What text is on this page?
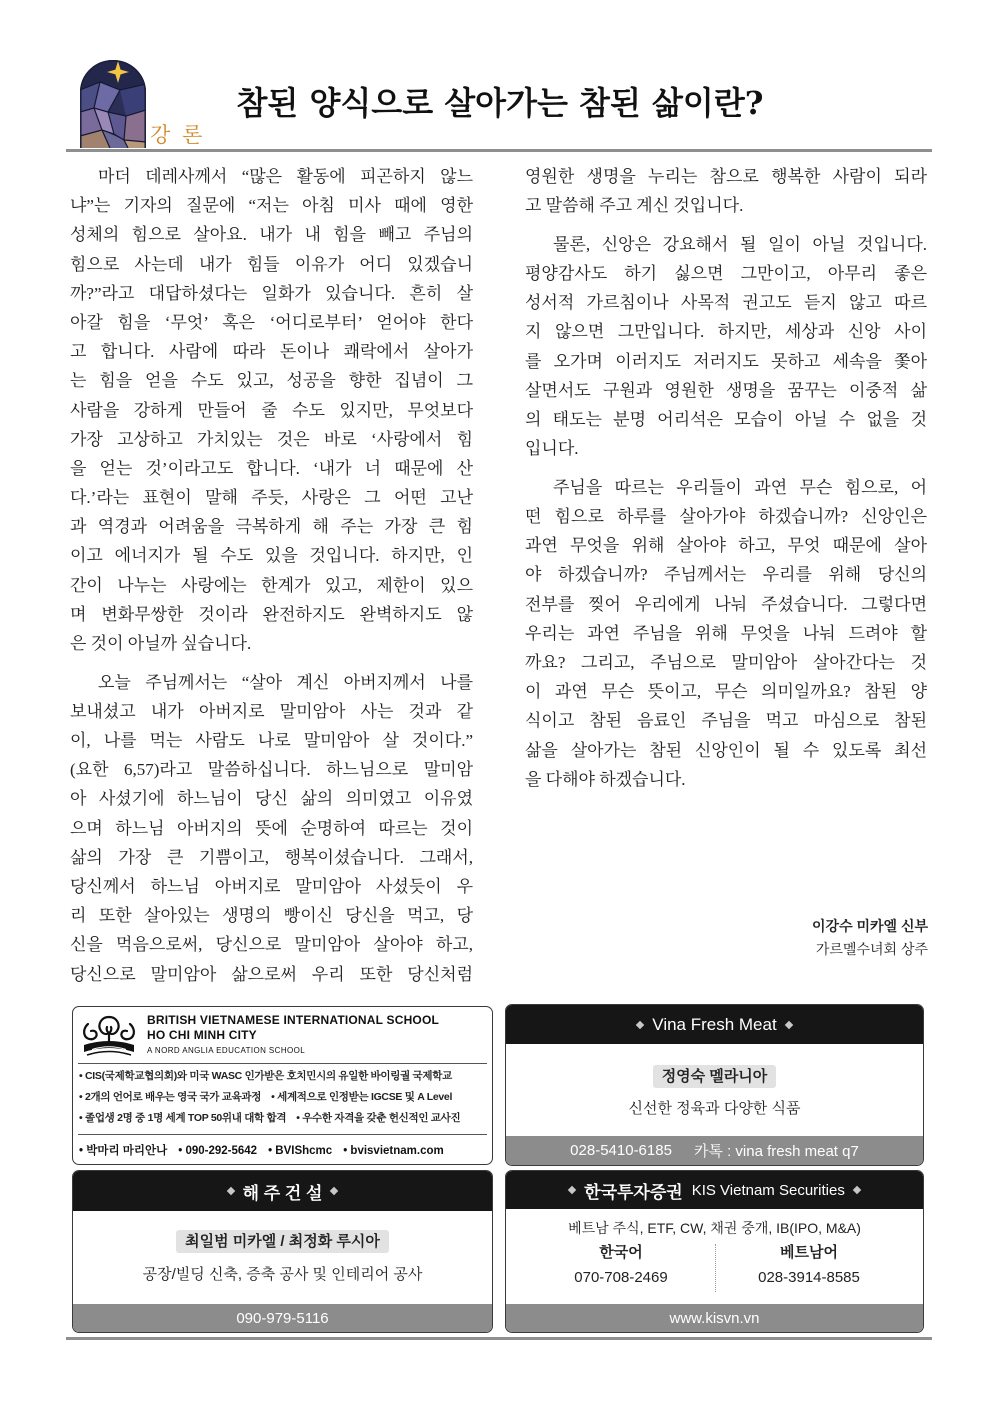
강 론
참된 양식으로 살아가는 참된 삶이란?
마더 데레사께서 “많은 활동에 피곤하지 않느
냐”는 기자의 질문에 “저는 아침 미사 때에 영한
성체의 힘으로 살아요. 내가 내 힘을 빼고 주님의
힘으로 사는데 내가 힘들 이유가 어디 있겠습니
까?”라고 대답하셨다는 일화가 있습니다. 흔히 살
아갈 힘을 ‘무엇’ 혹은 ‘어디로부터’ 얻어야 한다
고 합니다. 사람에 따라 돈이나 쾌락에서 살아가
는 힘을 얻을 수도 있고, 성공을 향한 집념이 그
사람을 강하게 만들어 줄 수도 있지만, 무엇보다
가장 고상하고 가치있는 것은 바로 ‘사랑에서 힘
을 얻는 것’이라고도 합니다. ‘내가 너 때문에 산
다.’라는 표현이 말해 주듯, 사랑은 그 어떤 고난
과 역경과 어려움을 극복하게 해 주는 가장 큰 힘
이고 에너지가 될 수도 있을 것입니다. 하지만, 인
간이 나누는 사랑에는 한계가 있고, 제한이 있으
며 변화무쌍한 것이라 완전하지도 완벽하지도 않
은 것이 아닐까 싶습니다.
오늘 주님께서는 “살아 계신 아버지께서 나를
보내셨고 내가 아버지로 말미암아 사는 것과 같
이, 나를 먹는 사람도 나로 말미암아 살 것이다.”
(요한 6,57)라고 말씀하십니다. 하느님으로 말미암
아 사셨기에 하느님이 당신 삶의 의미였고 이유였
으며 하느님 아버지의 뜻에 순명하여 따르는 것이
삶의 가장 큰 기쁨이고, 행복이셨습니다. 그래서,
당신께서 하느님 아버지로 말미암아 사셨듯이 우
리 또한 살아있는 생명의 빵이신 당신을 먹고, 당
신을 먹음으로써, 당신으로 말미암아 살아야 하고,
당신으로 말미암아 삶으로써 우리 또한 당신처럼
영원한 생명을 누리는 참으로 행복한 사람이 되라
고 말씀해 주고 계신 것입니다.
물론, 신앙은 강요해서 될 일이 아닐 것입니다.
평양감사도 하기 싫으면 그만이고, 아무리 좋은
성서적 가르침이나 사목적 권고도 듣지 않고 따르
지 않으면 그만입니다. 하지만, 세상과 신앙 사이
를 오가며 이러지도 저러지도 못하고 세속을 쫓아
살면서도 구원과 영원한 생명을 꿈꾸는 이중적 삶
의 태도는 분명 어리석은 모습이 아닐 수 없을 것
입니다.
주님을 따르는 우리들이 과연 무슨 힘으로, 어
떤 힘으로 하루를 살아가야 하겠습니까? 신앙인은
과연 무엇을 위해 살아야 하고, 무엇 때문에 살아
야 하겠습니까? 주님께서는 우리를 위해 당신의
전부를 찢어 우리에게 나눠 주셨습니다. 그렇다면
우리는 과연 주님을 위해 무엇을 나눠 드려야 할
까요? 그리고, 주님으로 말미암아 살아간다는 것
이 과연 무슨 뜻이고, 무슨 의미일까요? 참된 양
식이고 참된 음료인 주님을 먹고 마심으로 참된
삶을 살아가는 참된 신앙인이 될 수 있도록 최선
을 다해야 하겠습니다.
이강수 미카엘 신부
가르멜수녀회 상주
BRITISH VIETNAMESE INTERNATIONAL SCHOOL
HO CHI MINH CITY
A NORD ANGLIA EDUCATION SCHOOL
• CIS(국제학교협의회)와 미국 WASC 인가받은 호치민시의 유일한 바이링궐 국제학교
• 2개의 언어로 배우는 영국 국가 교육과정	• 세계적으로 인정받는 IGCSE 및 A Level
• 졸업생 2명 중 1명 세계 TOP 50위내 대학 합격	• 우수한 자격을 갖춘 헌신적인 교사진
• 박마리 마리안나	• 090-292-5642	• BVIShcmc	• bvisvietnam.com
Vina Fresh Meat
정영숙 멜라니아
신선한 정육과 다양한 식품
028-5410-6185 카톡 : vina fresh meat q7
해 주 건 설
최일범 미카엘 / 최정화 루시아
공장/빌딩 신축, 증축 공사 및 인테리어 공사
090-979-5116
한국투자증권 KIS Vietnam Securities
베트남 주식, ETF, CW, 채권 중개, IB(IPO, M&A)
한국어
070-708-2469
베트남어
028-3914-8585
www.kisvn.vn
